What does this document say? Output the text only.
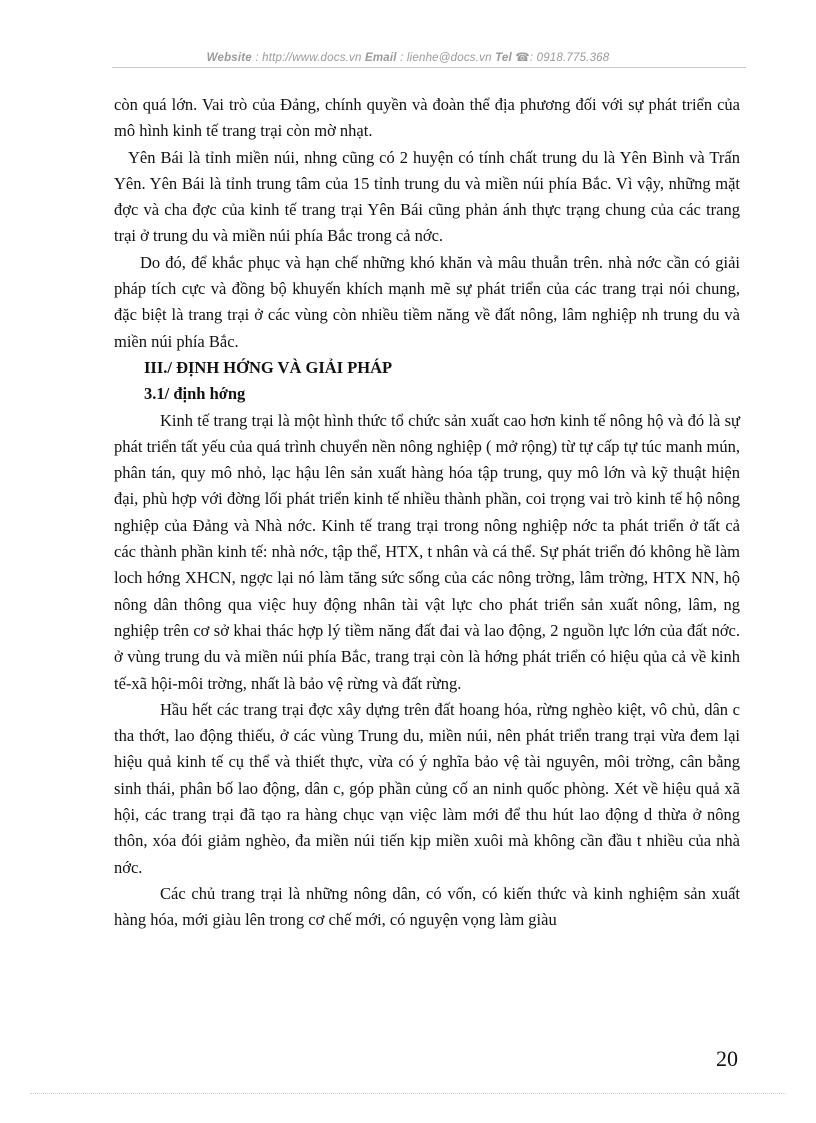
Website : http://www.docs.vn Email : lienhe@docs.vn Tel ☎: 0918.775.368

còn quá lớn. Vai trò của Đảng, chính quyền và đoàn thể địa phương đối với sự phát triển của mô hình kinh tế trang trại còn mờ nhạt.

Yên Bái là tỉnh miền núi, nhng cũng có 2 huyện có tính chất trung du là Yên Bình và Trấn Yên. Yên Bái là tỉnh trung tâm của 15 tỉnh trung du và miền núi phía Bắc. Vì vậy, những mặt đợc và cha đợc của kinh tế trang trại Yên Bái cũng phản ánh thực trạng chung của các trang trại ở trung du và miền núi phía Bắc trong cả nớc.

Do đó, để khắc phục và hạn chế những khó khăn và mâu thuẫn trên. nhà nớc cần có giải pháp tích cực và đồng bộ khuyến khích mạnh mẽ sự phát triển của các trang trại nói chung, đặc biệt là trang trại ở các vùng còn nhiều tiềm năng về đất nông, lâm nghiệp nh trung du và miền núi phía Bắc.

III./ ĐỊNH HỚNG VÀ GIẢI PHÁP

3.1/ định hớng

Kinh tế trang trại là một hình thức tổ chức sản xuất cao hơn kinh tế nông hộ và đó là sự phát triển tất yếu của quá trình chuyển nền nông nghiệp ( mở rộng) từ tự cấp tự túc manh mún, phân tán, quy mô nhỏ, lạc hậu lên sản xuất hàng hóa tập trung, quy mô lớn và kỹ thuật hiện đại, phù hợp với đờng lối phát triển kinh tế nhiều thành phần, coi trọng vai trò kinh tế hộ nông nghiệp của Đảng và Nhà nớc. Kinh tế trang trại trong nông nghiệp nớc ta phát triển ở tất cả các thành phần kinh tế: nhà nớc, tập thể, HTX, t nhân và cá thể. Sự phát triển đó không hề làm loch hớng XHCN, ngợc lại nó làm tăng sức sống của các nông trờng, lâm trờng, HTX NN, hộ nông dân thông qua việc huy động nhân tài vật lực cho phát triển sản xuất nông, lâm, ng nghiệp trên cơ sở khai thác hợp lý tiềm năng đất đai và lao động, 2 nguồn lực lớn của đất nớc. ở vùng trung du và miền núi phía Bắc, trang trại còn là hớng phát triển có hiệu qủa cả về kinh tế-xã hội-môi trờng, nhất là bảo vệ rừng và đất rừng.

Hầu hết các trang trại đợc xây dựng trên đất hoang hóa, rừng nghèo kiệt, vô chủ, dân c tha thớt, lao động thiếu, ở các vùng Trung du, miền núi, nên phát triển trang trại vừa đem lại hiệu quả kinh tế cụ thể và thiết thực, vừa có ý nghĩa bảo vệ tài nguyên, môi trờng, cân bằng sinh thái, phân bố lao động, dân c, góp phần củng cố an ninh quốc phòng. Xét về hiệu quả xã hội, các trang trại đã tạo ra hàng chục vạn việc làm mới để thu hút lao động d thừa ở nông thôn, xóa đói giảm nghèo, đa miền núi tiến kịp miền xuôi mà không cần đầu t nhiều của nhà nớc.

Các chủ trang trại là những nông dân, có vốn, có kiến thức và kinh nghiệm sản xuất hàng hóa, mới giàu lên trong cơ chế mới, có nguyện vọng làm giàu

20
